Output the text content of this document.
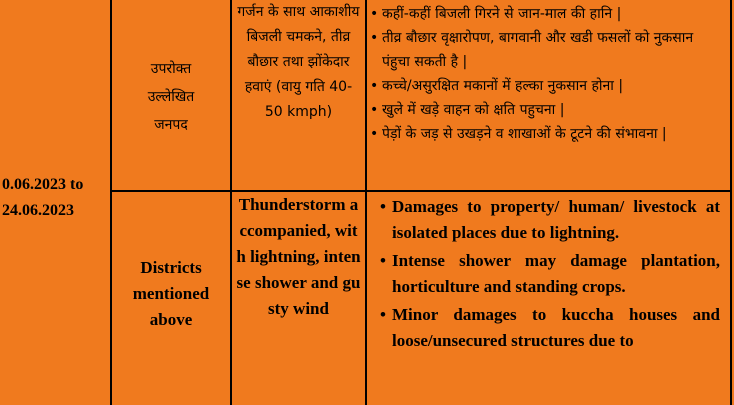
0.06.2023 to 24.06.2023
उपरोक्त उल्लेखित जनपद
गर्जन के साथ आकाशीय बिजली चमकने, तीव्र बौछार तथा झोंकेदार हवाएं (वायु गति 40-50 kmph)
• कहीं-कहीं बिजली गिरने से जान-माल की हानि |
• तीव्र बौछार वृक्षारोपण, बागवानी और खडी फसलों को नुकसान पंहुचा सकती है |
• कच्चे/असुरक्षित मकानों में हल्का नुकसान होना |
• खुले में खड़े वाहन को क्षति पहुचना |
• पेड़ों के जड़ से उखड़ने व शाखाओं के टूटने की संभावना |
Districts mentioned above
Thunderstorm accompanied, with lightning, intense shower and gusty wind
• Damages to property/ human/ livestock at isolated places due to lightning.
• Intense shower may damage plantation, horticulture and standing crops.
• Minor damages to kuccha houses and loose/unsecured structures due to
